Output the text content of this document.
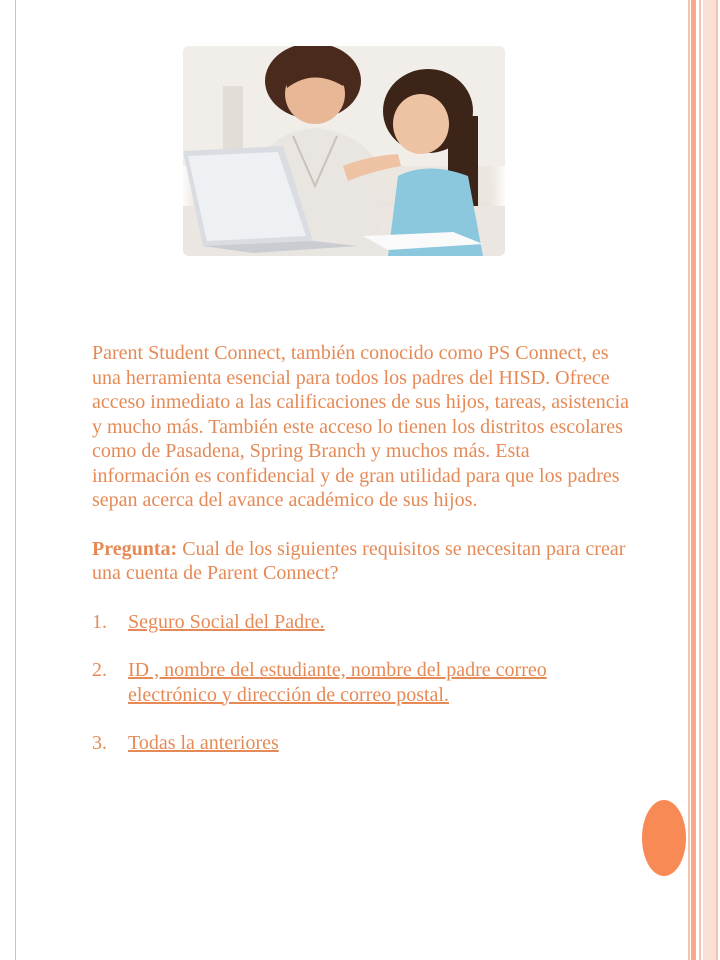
Parent Student Connect, también conocido como PS Connect, es una herramienta esencial para todos los padres del HISD. Ofrece acceso inmediato a las calificaciones de sus hijos, tareas, asistencia y mucho más. También este acceso lo tienen los distritos escolares como de Pasadena, Spring Branch y muchos más. Esta información es confidencial y de gran utilidad para que los padres sepan acerca del avance académico de sus hijos.

Pregunta: Cual de los siguientes requisitos se necesitan para crear una cuenta de Parent Connect?

1. Seguro Social del Padre.
2. ID , nombre del estudiante, nombre del padre correo electrónico y dirección de correo postal.
3. Todas la anteriores
